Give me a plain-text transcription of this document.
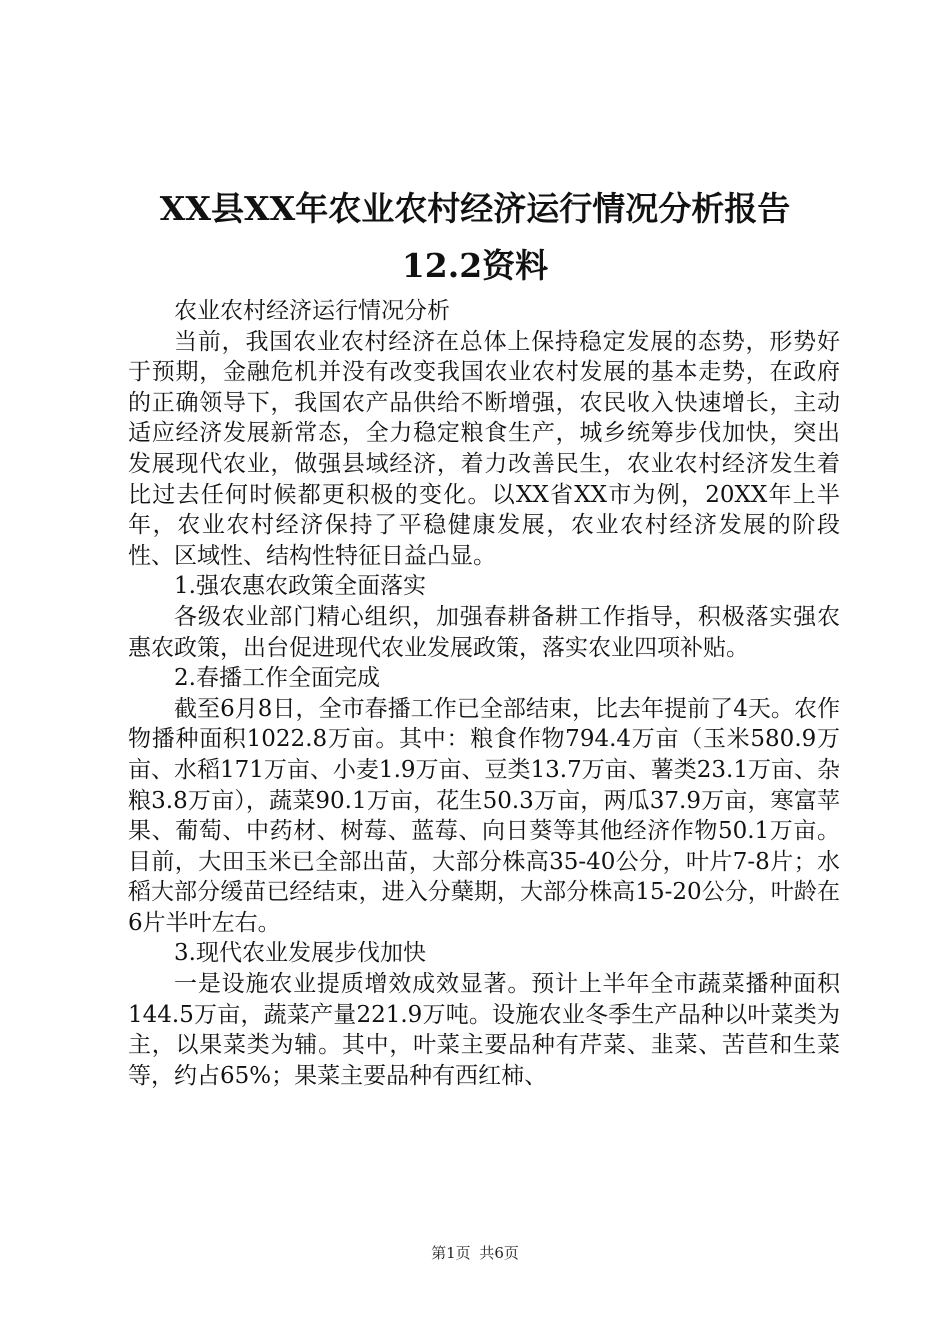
XX县XX年农业农村经济运行情况分析报告
12.2资料

农业农村经济运行情况分析

当前，我国农业农村经济在总体上保持稳定发展的态势，形势好于预期，金融危机并没有改变我国农业农村发展的基本走势，在政府的正确领导下，我国农产品供给不断增强，农民收入快速增长，主动适应经济发展新常态，全力稳定粮食生产，城乡统筹步伐加快，突出发展现代农业，做强县域经济，着力改善民生，农业农村经济发生着比过去任何时候都更积极的变化。以XX省XX市为例，20XX年上半年，农业农村经济保持了平稳健康发展，农业农村经济发展的阶段性、区域性、结构性特征日益凸显。

1.强农惠农政策全面落实

各级农业部门精心组织，加强春耕备耕工作指导，积极落实强农惠农政策，出台促进现代农业发展政策，落实农业四项补贴。

2.春播工作全面完成

截至6月8日，全市春播工作已全部结束，比去年提前了4天。农作物播种面积1022.8万亩。其中：粮食作物794.4万亩（玉米580.9万亩、水稻171万亩、小麦1.9万亩、豆类13.7万亩、薯类23.1万亩、杂粮3.8万亩），蔬菜90.1万亩，花生50.3万亩，两瓜37.9万亩，寒富苹果、葡萄、中药材、树莓、蓝莓、向日葵等其他经济作物50.1万亩。目前，大田玉米已全部出苗，大部分株高35-40公分，叶片7-8片；水稻大部分缓苗已经结束，进入分蘖期，大部分株高15-20公分，叶龄在6片半叶左右。

3.现代农业发展步伐加快

一是设施农业提质增效成效显著。预计上半年全市蔬菜播种面积144.5万亩，蔬菜产量221.9万吨。设施农业冬季生产品种以叶菜类为主，以果菜类为辅。其中，叶菜主要品种有芹菜、韭菜、苦苣和生菜等，约占65%；果菜主要品种有西红柿、

第1页 共6页
